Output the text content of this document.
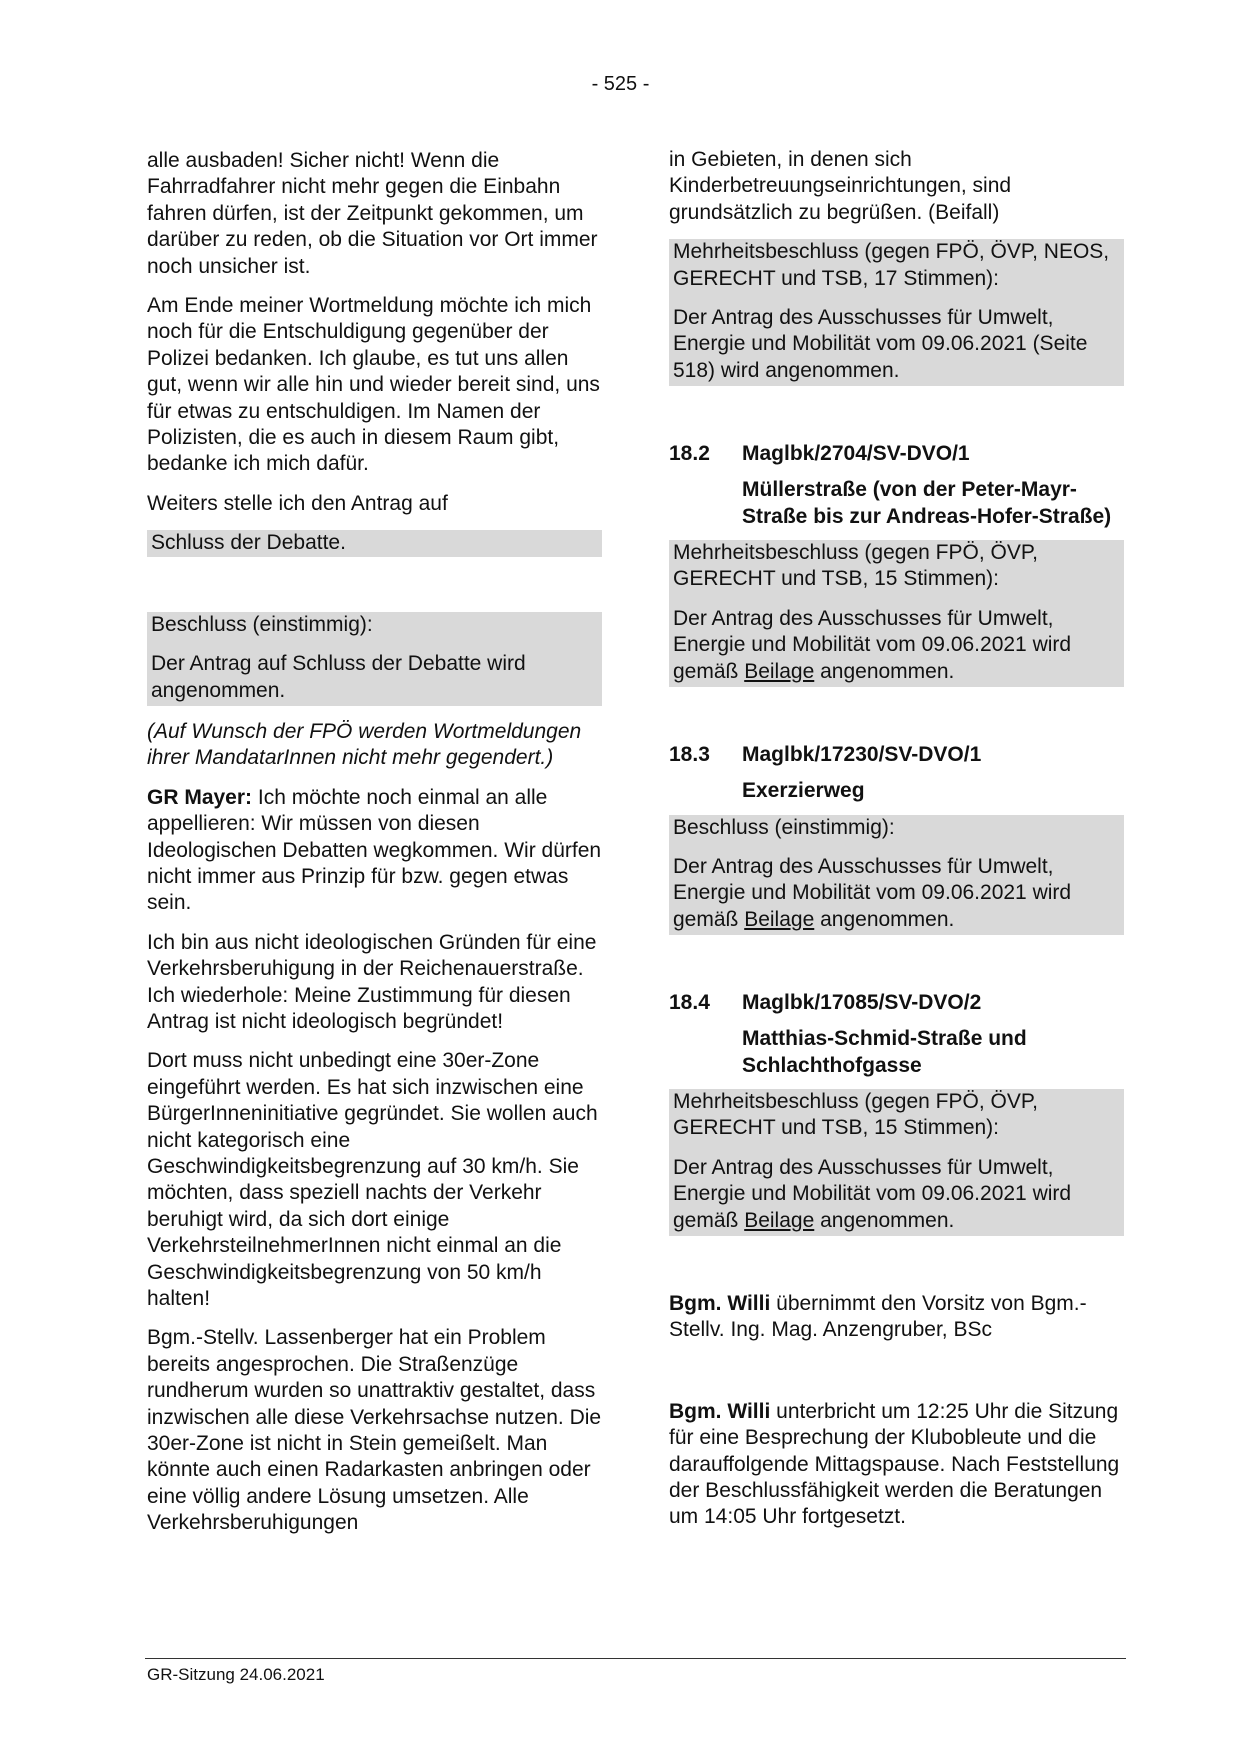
- 525 -

alle ausbaden! Sicher nicht! Wenn die Fahrradfahrer nicht mehr gegen die Einbahn fahren dürfen, ist der Zeitpunkt gekommen, um darüber zu reden, ob die Situation vor Ort immer noch unsicher ist.

Am Ende meiner Wortmeldung möchte ich mich noch für die Entschuldigung gegenüber der Polizei bedanken. Ich glaube, es tut uns allen gut, wenn wir alle hin und wieder bereit sind, uns für etwas zu entschuldigen. Im Namen der Polizisten, die es auch in diesem Raum gibt, bedanke ich mich dafür.

Weiters stelle ich den Antrag auf

Schluss der Debatte.

Beschluss (einstimmig):

Der Antrag auf Schluss der Debatte wird angenommen.

(Auf Wunsch der FPÖ werden Wortmeldungen ihrer MandatarInnen nicht mehr gegendert.)

GR Mayer: Ich möchte noch einmal an alle appellieren: Wir müssen von diesen Ideologischen Debatten wegkommen. Wir dürfen nicht immer aus Prinzip für bzw. gegen etwas sein.

Ich bin aus nicht ideologischen Gründen für eine Verkehrsberuhigung in der Reichenauerstraße. Ich wiederhole: Meine Zustimmung für diesen Antrag ist nicht ideologisch begründet!

Dort muss nicht unbedingt eine 30er-Zone eingeführt werden. Es hat sich inzwischen eine BürgerInneninitiative gegründet. Sie wollen auch nicht kategorisch eine Geschwindigkeitsbegrenzung auf 30 km/h. Sie möchten, dass speziell nachts der Verkehr beruhigt wird, da sich dort einige VerkehrsteilnehmerInnen nicht einmal an die Geschwindigkeitsbegrenzung von 50 km/h halten!

Bgm.-Stellv. Lassenberger hat ein Problem bereits angesprochen. Die Straßenzüge rundherum wurden so unattraktiv gestaltet, dass inzwischen alle diese Verkehrsachse nutzen. Die 30er-Zone ist nicht in Stein gemeißelt. Man könnte auch einen Radarkasten anbringen oder eine völlig andere Lösung umsetzen. Alle Verkehrsberuhigungen

in Gebieten, in denen sich Kinderbetreuungseinrichtungen, sind grundsätzlich zu begrüßen. (Beifall)

Mehrheitsbeschluss (gegen FPÖ, ÖVP, NEOS, GERECHT und TSB, 17 Stimmen):

Der Antrag des Ausschusses für Umwelt, Energie und Mobilität vom 09.06.2021 (Seite 518) wird angenommen.

18.2	Maglbk/2704/SV-DVO/1
Müllerstraße (von der Peter-Mayr-Straße bis zur Andreas-Hofer-Straße)

Mehrheitsbeschluss (gegen FPÖ, ÖVP, GERECHT und TSB, 15 Stimmen):

Der Antrag des Ausschusses für Umwelt, Energie und Mobilität vom 09.06.2021 wird gemäß Beilage angenommen.

18.3	Maglbk/17230/SV-DVO/1
Exerzierweg

Beschluss (einstimmig):

Der Antrag des Ausschusses für Umwelt, Energie und Mobilität vom 09.06.2021 wird gemäß Beilage angenommen.

18.4	Maglbk/17085/SV-DVO/2
Matthias-Schmid-Straße und Schlachthofgasse

Mehrheitsbeschluss (gegen FPÖ, ÖVP, GERECHT und TSB, 15 Stimmen):

Der Antrag des Ausschusses für Umwelt, Energie und Mobilität vom 09.06.2021 wird gemäß Beilage angenommen.

Bgm. Willi übernimmt den Vorsitz von Bgm.-Stellv. Ing. Mag. Anzengruber, BSc

Bgm. Willi unterbricht um 12:25 Uhr die Sitzung für eine Besprechung der Klubobleute und die darauffolgende Mittagspause. Nach Feststellung der Beschlussfähigkeit werden die Beratungen um 14:05 Uhr fortgesetzt.

GR-Sitzung 24.06.2021
